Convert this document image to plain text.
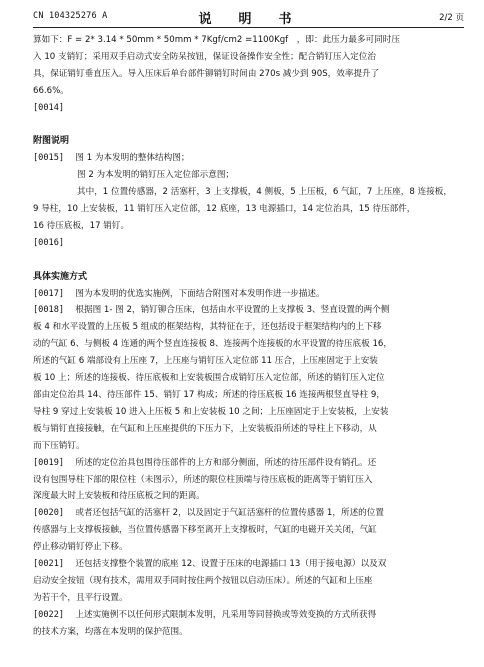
CN 104325276 A	说　明　书	2/2 页

算如下：F = 2* 3.14 * 50mm * 50mm * 7Kgf/cm2 =1100Kgf　，即：此压力最多可同时压

入 10 支销钉；采用双手启动式安全防呆按钮，保证设备操作安全性；配合销钉压入定位治

具，保证销钉垂直压入。导入压床后单台部件铆销钉时间由 270s 减少到 90S，效率提升了

66.6%。

[0014]

附图说明

[0015]　 图 1 为本发明的整体结构图；

图 2 为本发明的销钉压入定位部示意图；

其中，1 位置传感器，2 活塞杆，3 上支撑板，4 侧板，5 上压板，6 气缸，7 上压座，8 连接板，

9 导柱，10 上安装板，11 销钉压入定位部，12 底座，13 电源插口，14 定位治具，15 待压部件，

16 待压底板，17 销钉。

[0016]

具体实施方式

[0017]　 图为本发明的优选实施例，下面结合附图对本发明作进一步描述。

[0018]　 根据图 1- 图 2，销钉铆合压床，包括由水平设置的上支撑板 3、竖直设置的两个侧

板 4 和水平设置的上压板 5 组成的框架结构，其特征在于，还包括设于框架结构内的上下移

动的气缸 6、与侧板 4 连通的两个竖直连接板 8、连接两个连接板的水平设置的待压底板 16，

所述的气缸 6 端部设有上压座 7，上压座与销钉压入定位部 11 压合，上压座固定于上安装

板 10 上；所述的连接板、待压底板和上安装板围合成销钉压入定位部，所述的销钉压入定位

部由定位治具 14、待压部件 15、销钉 17 构成；所述的待压底板 16 连接两根竖直导柱 9，

导柱 9 穿过上安装板 10 进入上压板 5 和上安装板 10 之间；上压座固定于上安装板，上安装

板与销钉直接接触，在气缸和上压座提供的下压力下，上安装板沿所述的导柱上下移动，从

而下压销钉。

[0019]　 所述的定位治具包围待压部件的上方和部分侧面，所述的待压部件设有销孔。还

设有包围导柱下部的限位柱（未图示），所述的限位柱顶端与待压底板的距离等于销钉压入

深度最大时上安装板和待压底板之间的距离。

[0020]　 或者还包括气缸的活塞杆 2，以及固定于气缸活塞杆的位置传感器 1，所述的位置

传感器与上支撑板接触，当位置传感器下移至离开上支撑板时，气缸的电磁开关关闭，气缸

停止移动销钉停止下移。

[0021]　 还包括支撑整个装置的底座 12、设置于压床的电源插口 13（用于接电源）以及双

启动安全按钮（现有技术，需用双手同时按住两个按钮以启动压床）。所述的气缸和上压座

为若干个，且平行设置。

[0022]　 上述实施例不以任何形式限制本发明，凡采用等同替换或等效变换的方式所获得

的技术方案，均落在本发明的保护范围。
